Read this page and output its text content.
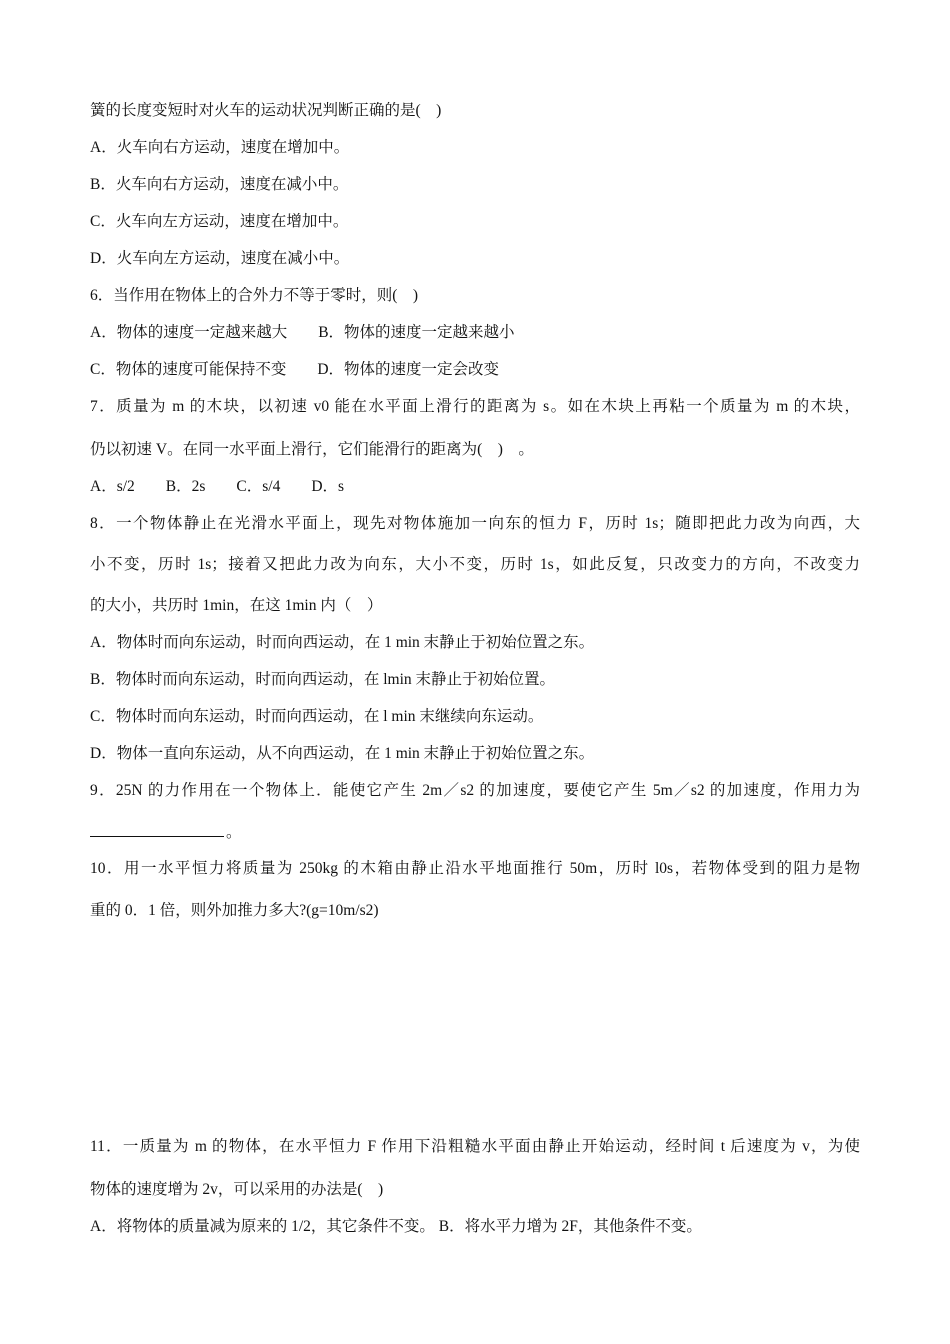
簧的长度变短时对火车的运动状况判断正确的是(　)
A．火车向右方运动，速度在增加中。
B．火车向右方运动，速度在减小中。
C．火车向左方运动，速度在增加中。
D．火车向左方运动，速度在减小中。
6．当作用在物体上的合外力不等于零时，则(　)
A．物体的速度一定越来越大　　B．物体的速度一定越来越小
C．物体的速度可能保持不变　　D．物体的速度一定会改变
7．质量为 m 的木块，以初速 v0 能在水平面上滑行的距离为 s。如在木块上再粘一个质量为 m 的木块，
仍以初速 V。在同一水平面上滑行，它们能滑行的距离为(　)　。
A．s/2　　B．2s　　C．s/4　　D．s
8．一个物体静止在光滑水平面上，现先对物体施加一向东的恒力 F，历时 1s；随即把此力改为向西，大
小不变，历时 1s；接着又把此力改为向东，大小不变，历时 1s，如此反复，只改变力的方向，不改变力
的大小，共历时 1min，在这 1min 内（　）
A．物体时而向东运动，时而向西运动，在 1 min 末静止于初始位置之东。
B．物体时而向东运动，时而向西运动，在 lmin 末静止于初始位置。
C．物体时而向东运动，时而向西运动，在 l min 末继续向东运动。
D．物体一直向东运动，从不向西运动，在 1 min 末静止于初始位置之东。
9．25N 的力作用在一个物体上．能使它产生 2m／s2 的加速度，要使它产生 5m／s2 的加速度，作用力为
。
10．用一水平恒力将质量为 250kg 的木箱由静止沿水平地面推行 50m，历时 l0s，若物体受到的阻力是物
重的 0．1 倍，则外加推力多大?(g=10m/s2)
11．一质量为 m 的物体，在水平恒力 F 作用下沿粗糙水平面由静止开始运动，经时间 t 后速度为 v，为使
物体的速度增为 2v，可以采用的办法是(　)
A．将物体的质量减为原来的 1/2，其它条件不变。 B．将水平力增为 2F，其他条件不变。
